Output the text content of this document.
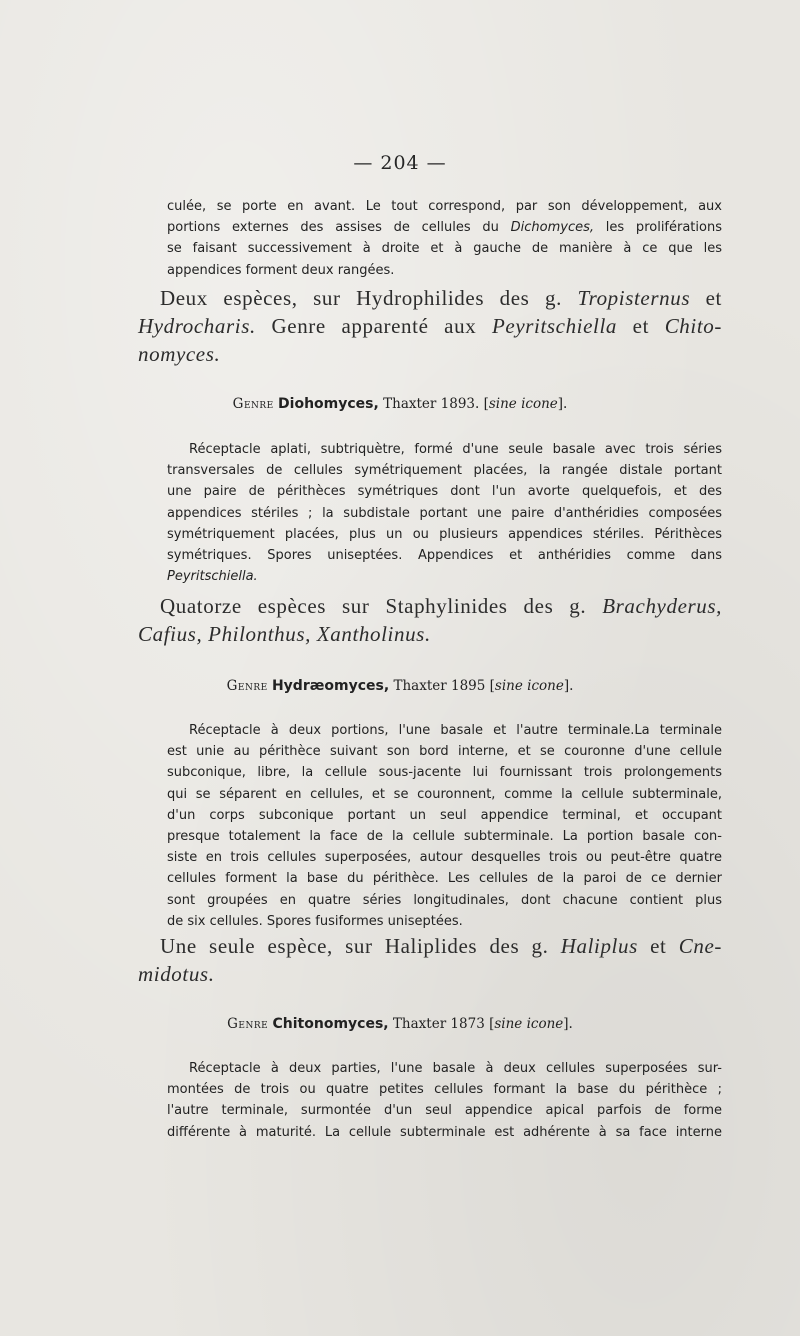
— 204 —
culée, se porte en avant. Le tout correspond, par son développement, aux
portions externes des assises de cellules du Dichomyces, les proliférations
se faisant successivement à droite et à gauche de manière à ce que les
appendices forment deux rangées.
Deux espèces, sur Hydrophilides des g. Tropisternus et
Hydrocharis. Genre apparenté aux Peyritschiella et Chito-
nomyces.
Genre Diohomyces, Thaxter 1893. [sine icone].
Réceptacle aplati, subtriquètre, formé d'une seule basale avec trois séries
transversales de cellules symétriquement placées, la rangée distale portant
une paire de périthèces symétriques dont l'un avorte quelquefois, et des
appendices stériles ; la subdistale portant une paire d'anthéridies composées
symétriquement placées, plus un ou plusieurs appendices stériles. Périthèces
symétriques. Spores uniseptées. Appendices et anthéridies comme dans
Peyritschiella.
Quatorze espèces sur Staphylinides des g. Brachyderus,
Cafius, Philonthus, Xantholinus.
Genre Hydræomyces, Thaxter 1895 [sine icone].
Réceptacle à deux portions, l'une basale et l'autre terminale.La terminale
est unie au périthèce suivant son bord interne, et se couronne d'une cellule
subconique, libre, la cellule sous-jacente lui fournissant trois prolongements
qui se séparent en cellules, et se couronnent, comme la cellule subterminale,
d'un corps subconique portant un seul appendice terminal, et occupant
presque totalement la face de la cellule subterminale. La portion basale con-
siste en trois cellules superposées, autour desquelles trois ou peut-être quatre
cellules forment la base du périthèce. Les cellules de la paroi de ce dernier
sont groupées en quatre séries longitudinales, dont chacune contient plus
de six cellules. Spores fusiformes uniseptées.
Une seule espèce, sur Haliplides des g. Haliplus et Cne-
midotus.
Genre Chitonomyces, Thaxter 1873 [sine icone].
Réceptacle à deux parties, l'une basale à deux cellules superposées sur-
montées de trois ou quatre petites cellules formant la base du périthèce ;
l'autre terminale, surmontée d'un seul appendice apical parfois de forme
différente à maturité. La cellule subterminale est adhérente à sa face interne
